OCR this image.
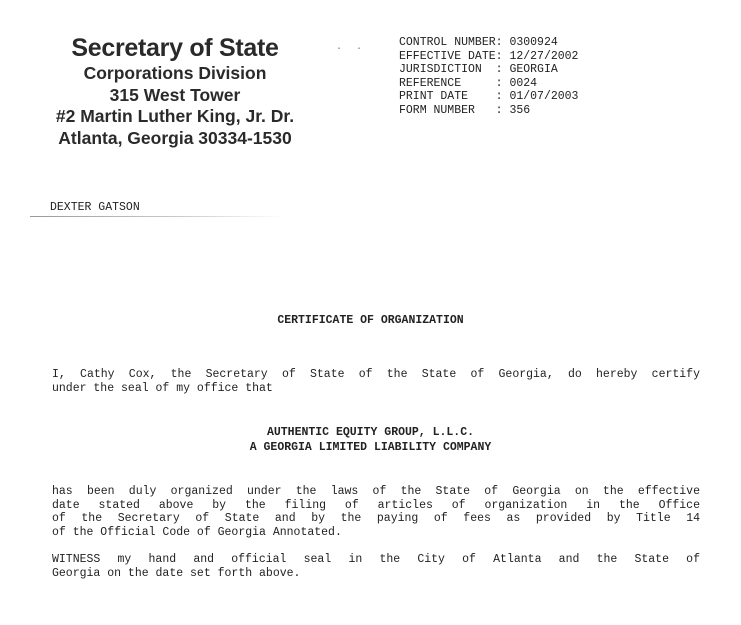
Secretary of State
Corporations Division
315 West Tower
#2 Martin Luther King, Jr. Dr.
Atlanta, Georgia 30334-1530
· ·
CONTROL NUMBER: 0300924
EFFECTIVE DATE: 12/27/2002
JURISDICTION  : GEORGIA
REFERENCE     : 0024
PRINT DATE    : 01/07/2003
FORM NUMBER   : 356
DEXTER GATSON
CERTIFICATE OF ORGANIZATION
I, Cathy Cox, the Secretary of State of the State of Georgia, do hereby certify
under the seal of my office that
AUTHENTIC EQUITY GROUP, L.L.C.
A GEORGIA LIMITED LIABILITY COMPANY
has been duly organized under the laws of the State of Georgia on the effective
date stated above by the filing of articles of organization in the Office
of the Secretary of State and by the paying of fees as provided by Title 14
of the Official Code of Georgia Annotated.
WITNESS my hand and official seal in the City of Atlanta and the State of
Georgia on the date set forth above.
